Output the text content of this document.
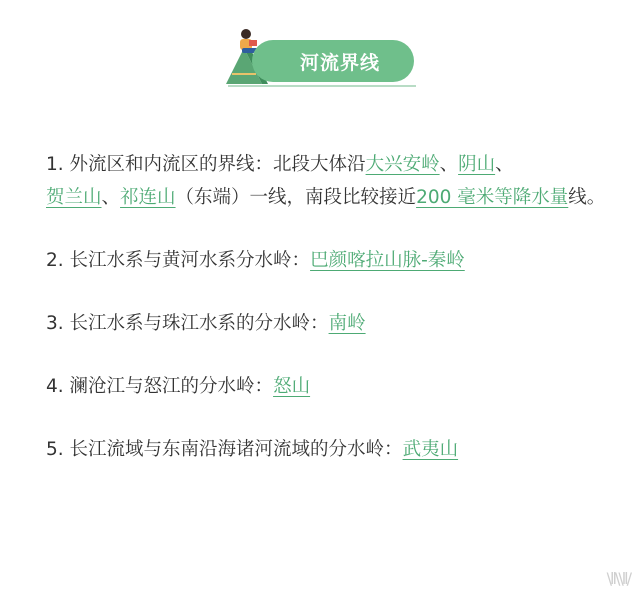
河流界线
1. 外流区和内流区的界线：北段大体沿大兴安岭、阴山、
贺兰山、祁连山（东端）一线，南段比较接近200 毫米等降水量线。
2. 长江水系与黄河水系分水岭：巴颜喀拉山脉-秦岭
3. 长江水系与珠江水系的分水岭：南岭
4. 澜沧江与怒江的分水岭：怒山
5. 长江流域与东南沿海诸河流域的分水岭：武夷山
\ll\\ll/
